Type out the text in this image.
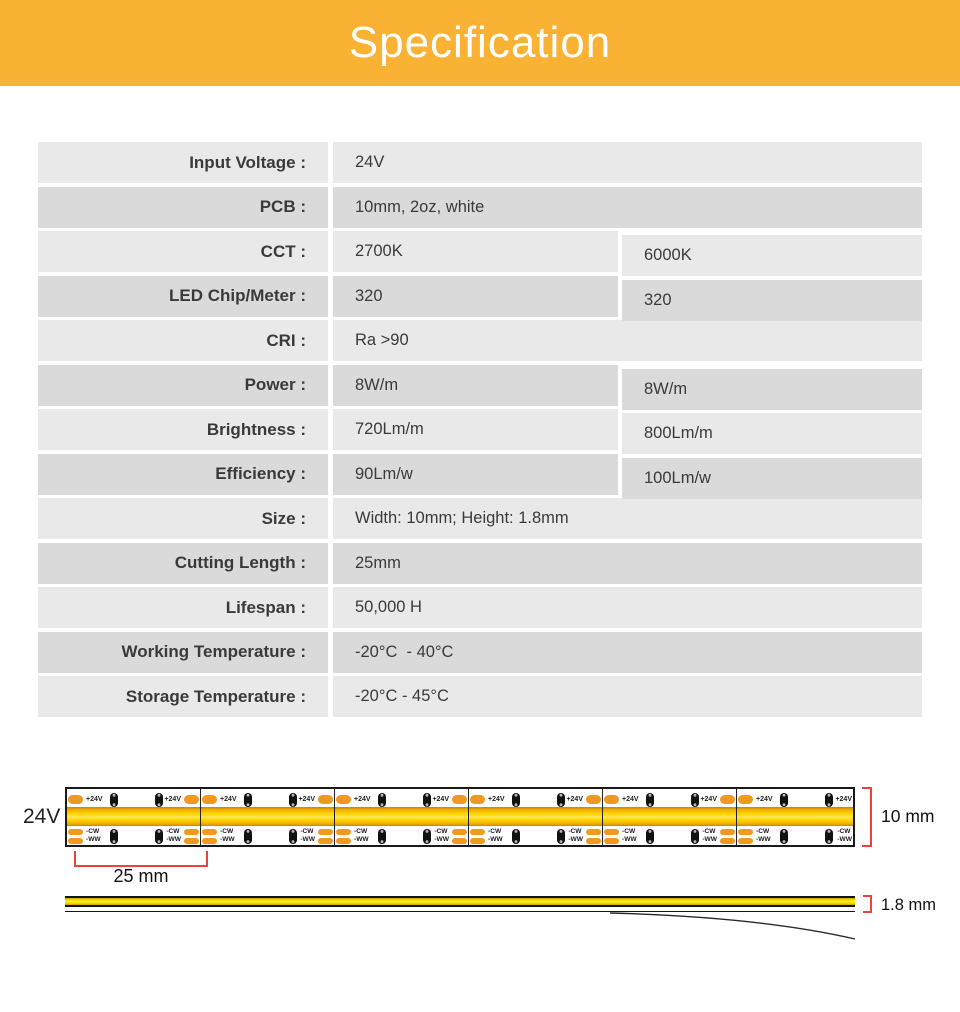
Specification
Input Voltage :	24V
PCB :	10mm, 2oz, white
CCT :	2700K	6000K
LED Chip/Meter :	320	320
CRI :	Ra >90
Power :	8W/m	8W/m
Brightness :	720Lm/m	800Lm/m
Efficiency :	90Lm/w	100Lm/w
Size :	Width: 10mm; Height: 1.8mm
Cutting Length :	25mm
Lifespan :	50,000 H
Working Temperature :	-20°C  - 40°C
Storage Temperature :	-20°C - 45°C
24V
+24V	+24V
-CW
-WW
-CW
-WW
+24V	+24V
-CW
-WW
-CW
-WW
+24V	+24V
-CW
-WW
-CW
-WW
+24V	+24V
-CW
-WW
-CW
-WW
+24V	+24V
-CW
-WW
-CW
-WW
+24V	+24V
-CW
-WW
-CW
-WW
10 mm
25 mm
1.8 mm
